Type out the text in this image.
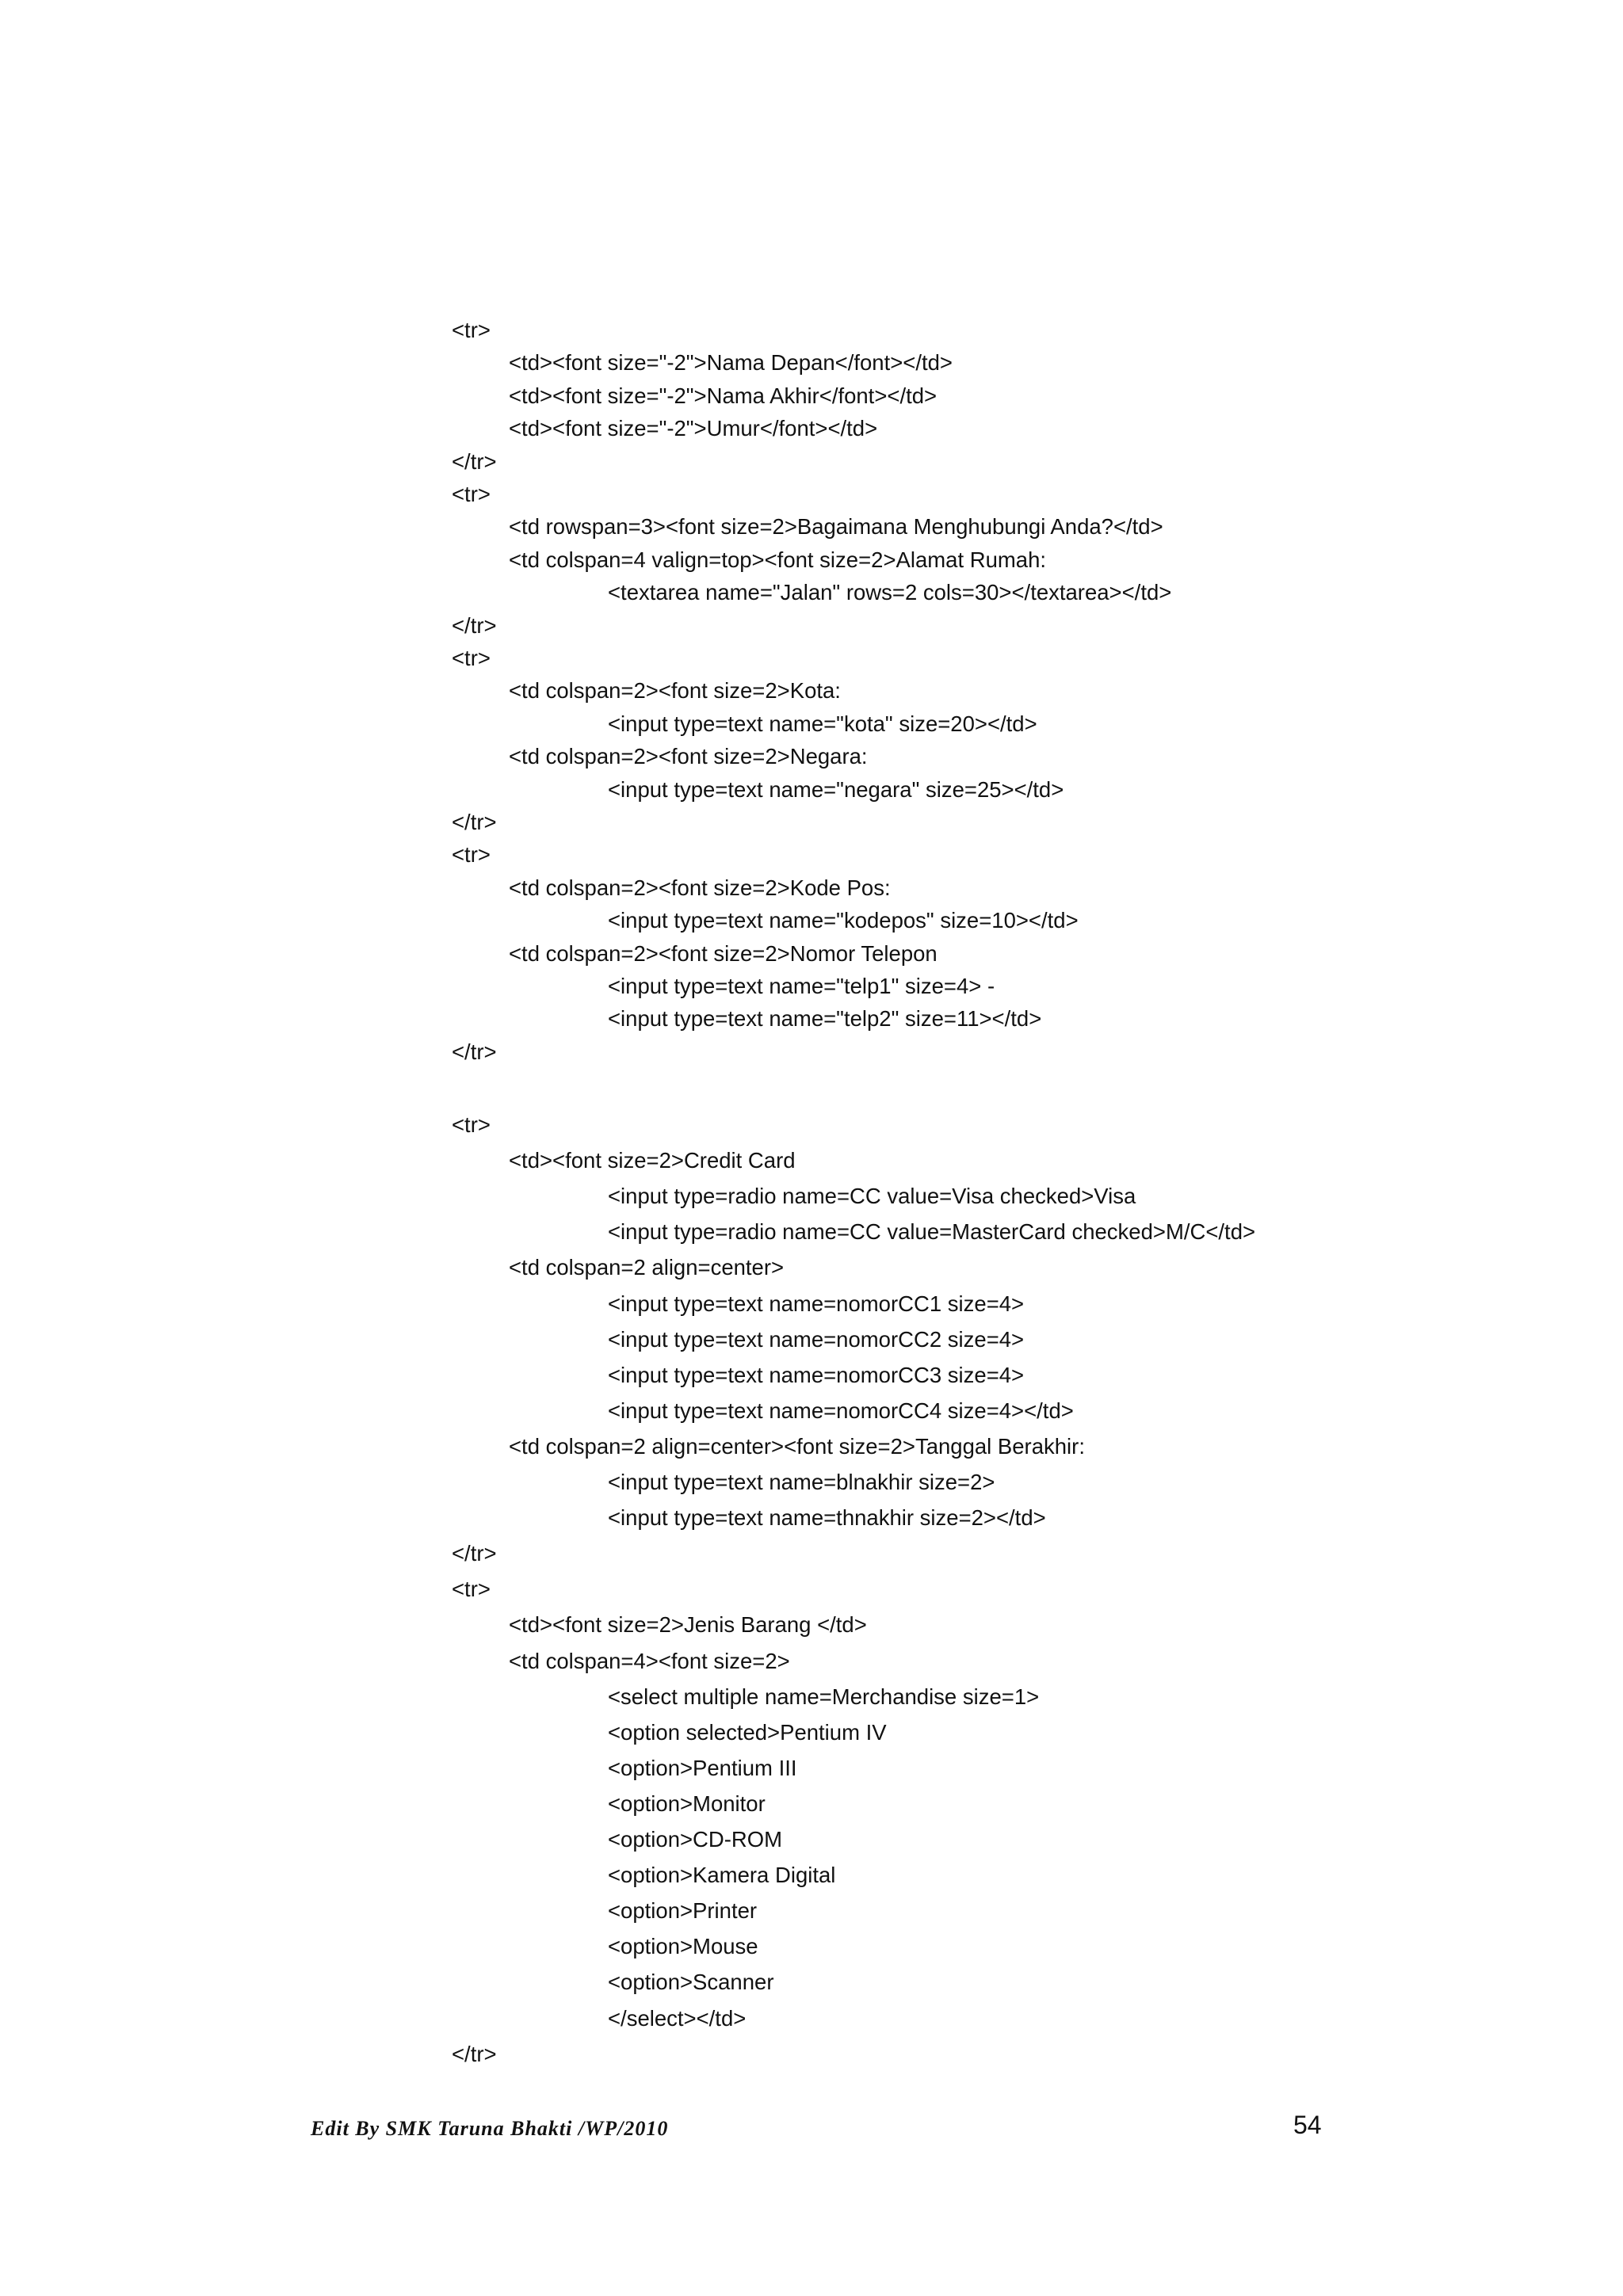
<tr>
<td><font size="-2">Nama Depan</font></td>
<td><font size="-2">Nama Akhir</font></td>
<td><font size="-2">Umur</font></td>
</tr>
<tr>
<td rowspan=3><font size=2>Bagaimana Menghubungi Anda?</td>
<td colspan=4 valign=top><font size=2>Alamat Rumah:
<textarea name="Jalan" rows=2 cols=30></textarea></td>
</tr>
<tr>
<td colspan=2><font size=2>Kota:
<input type=text name="kota" size=20></td>
<td colspan=2><font size=2>Negara:
<input type=text name="negara" size=25></td>
</tr>
<tr>
<td colspan=2><font size=2>Kode Pos:
<input type=text name="kodepos" size=10></td>
<td colspan=2><font size=2>Nomor Telepon
<input type=text name="telp1" size=4> -
<input type=text name="telp2" size=11></td>
</tr>
<tr>
<td><font size=2>Credit Card
<input type=radio name=CC value=Visa checked>Visa
<input type=radio name=CC value=MasterCard checked>M/C</td>
<td colspan=2 align=center>
<input type=text name=nomorCC1 size=4>
<input type=text name=nomorCC2 size=4>
<input type=text name=nomorCC3 size=4>
<input type=text name=nomorCC4 size=4></td>
<td colspan=2 align=center><font size=2>Tanggal Berakhir:
<input type=text name=blnakhir size=2>
<input type=text name=thnakhir size=2></td>
</tr>
<tr>
<td><font size=2>Jenis Barang </td>
<td colspan=4><font size=2>
<select multiple name=Merchandise size=1>
<option selected>Pentium IV
<option>Pentium III
<option>Monitor
<option>CD-ROM
<option>Kamera Digital
<option>Printer
<option>Mouse
<option>Scanner
</select></td>
</tr>
Edit By SMK Taruna Bhakti /WP/2010	54
